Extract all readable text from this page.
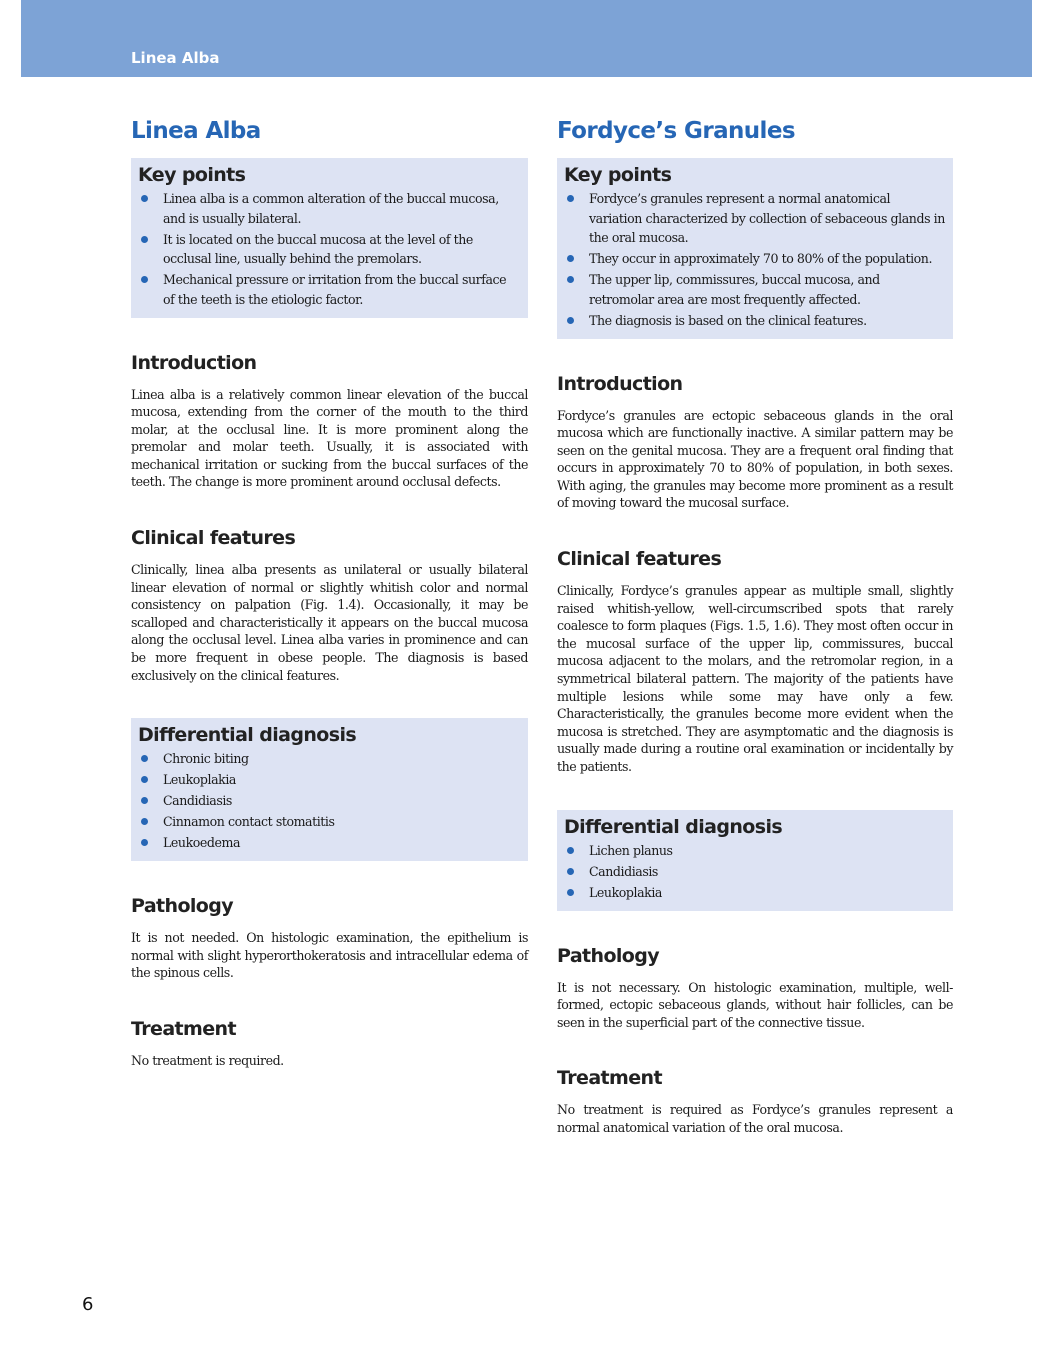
Linea Alba
Linea Alba
Key points
Linea alba is a common alteration of the buccal mucosa, and is usually bilateral.
It is located on the buccal mucosa at the level of the occlusal line, usually behind the premolars.
Mechanical pressure or irritation from the buccal surface of the teeth is the etiologic factor.
Introduction

Linea alba is a relatively common linear elevation of the buccal mucosa, extending from the corner of the mouth to the third molar, at the occlusal line. It is more prominent along the premolar and molar teeth. Usually, it is associated with mechanical irritation or sucking from the buccal surfaces of the teeth. The change is more prominent around occlusal defects.

Clinical features

Clinically, linea alba presents as unilateral or usually bilateral linear elevation of normal or slightly whitish color and normal consistency on palpation (Fig. 1.4). Occasionally, it may be scalloped and characteristically it appears on the buccal mucosa along the occlusal level. Linea alba varies in prominence and can be more frequent in obese people. The diagnosis is based exclusively on the clinical features.

Differential diagnosis
Chronic biting
Leukoplakia
Candidiasis
Cinnamon contact stomatitis
Leukoedema
Pathology

It is not needed. On histologic examination, the epithelium is normal with slight hyperorthokeratosis and intracellular edema of the spinous cells.

Treatment

No treatment is required.

Fordyce’s Granules
Key points
Fordyce’s granules represent a normal anatomical variation characterized by collection of sebaceous glands in the oral mucosa.
They occur in approximately 70 to 80% of the population.
The upper lip, commissures, buccal mucosa, and retromolar area are most frequently affected.
The diagnosis is based on the clinical features.
Introduction

Fordyce’s granules are ectopic sebaceous glands in the oral mucosa which are functionally inactive. A similar pattern may be seen on the genital mucosa. They are a frequent oral finding that occurs in approximately 70 to 80% of population, in both sexes. With aging, the granules may become more prominent as a result of moving toward the mucosal surface.

Clinical features

Clinically, Fordyce’s granules appear as multiple small, slightly raised whitish-yellow, well-circumscribed spots that rarely coalesce to form plaques (Figs. 1.5, 1.6). They most often occur in the mucosal surface of the upper lip, commissures, buccal mucosa adjacent to the molars, and the retromolar region, in a symmetrical bilateral pattern. The majority of the patients have multiple lesions while some may have only a few. Characteristically, the granules become more evident when the mucosa is stretched. They are asymptomatic and the diagnosis is usually made during a routine oral examination or incidentally by the patients.

Differential diagnosis
Lichen planus
Candidiasis
Leukoplakia
Pathology

It is not necessary. On histologic examination, multiple, well-formed, ectopic sebaceous glands, without hair follicles, can be seen in the superficial part of the connective tissue.

Treatment

No treatment is required as Fordyce’s granules represent a normal anatomical variation of the oral mucosa.

6
